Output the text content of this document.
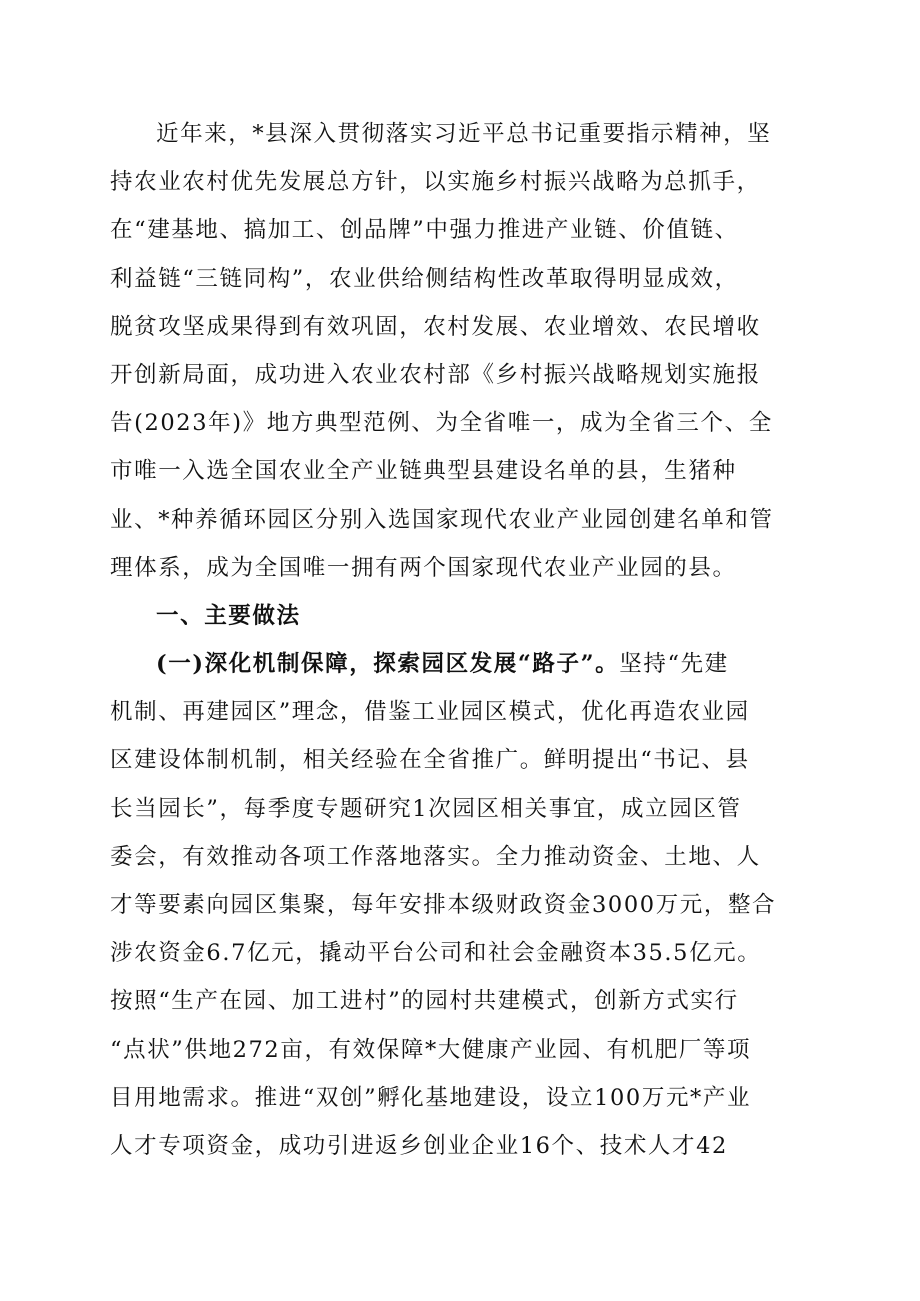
近年来，*县深入贯彻落实习近平总书记重要指示精神，坚
持农业农村优先发展总方针，以实施乡村振兴战略为总抓手，
在“建基地、搞加工、创品牌”中强力推进产业链、价值链、
利益链“三链同构”，农业供给侧结构性改革取得明显成效，
脱贫攻坚成果得到有效巩固，农村发展、农业增效、农民增收
开创新局面，成功进入农业农村部《乡村振兴战略规划实施报
告(2023年)》地方典型范例、为全省唯一，成为全省三个、全
市唯一入选全国农业全产业链典型县建设名单的县，生猪种
业、*种养循环园区分别入选国家现代农业产业园创建名单和管
理体系，成为全国唯一拥有两个国家现代农业产业园的县。
一、主要做法
(一)深化机制保障，探索园区发展“路子”。坚持“先建
机制、再建园区”理念，借鉴工业园区模式，优化再造农业园
区建设体制机制，相关经验在全省推广。鲜明提出“书记、县
长当园长”，每季度专题研究1次园区相关事宜，成立园区管
委会，有效推动各项工作落地落实。全力推动资金、土地、人
才等要素向园区集聚，每年安排本级财政资金3000万元，整合
涉农资金6.7亿元，撬动平台公司和社会金融资本35.5亿元。
按照“生产在园、加工进村”的园村共建模式，创新方式实行
“点状”供地272亩，有效保障*大健康产业园、有机肥厂等项
目用地需求。推进“双创”孵化基地建设，设立100万元*产业
人才专项资金，成功引进返乡创业企业16个、技术人才42
